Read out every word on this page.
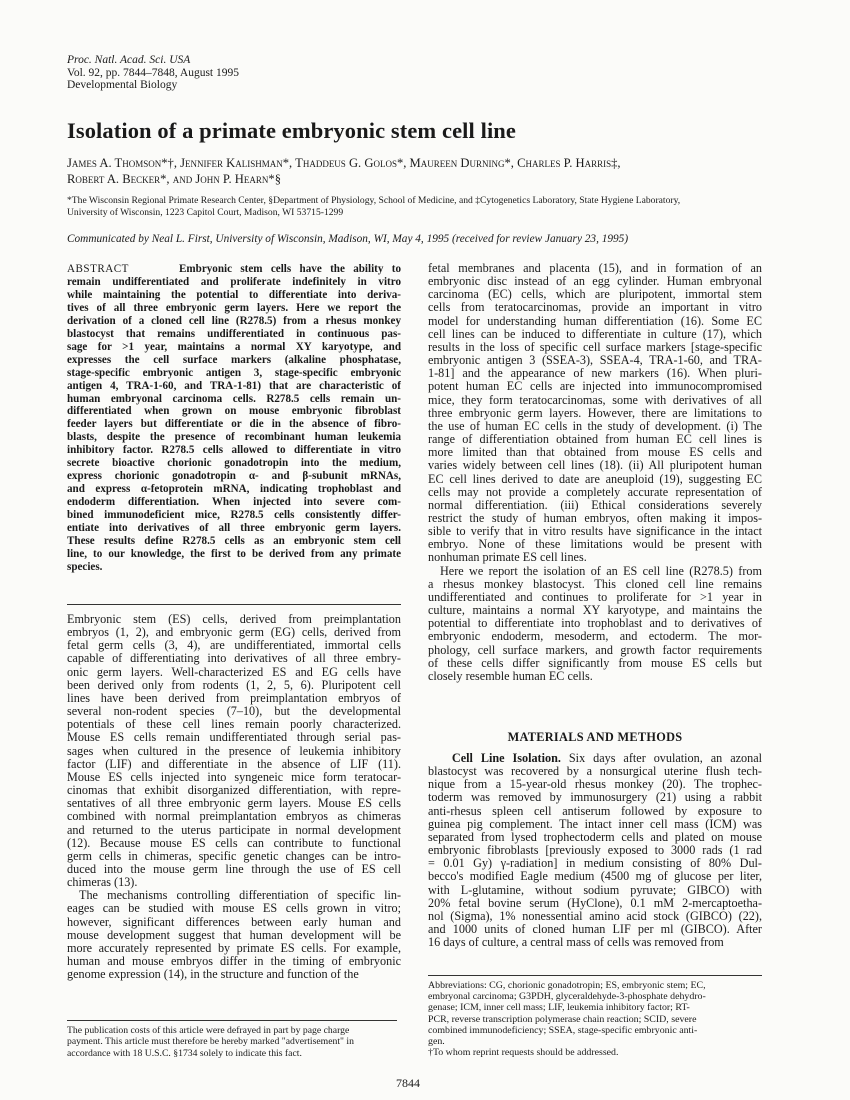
Proc. Natl. Acad. Sci. USA
Vol. 92, pp. 7844–7848, August 1995
Developmental Biology
Isolation of a primate embryonic stem cell line
James A. Thomson*†, Jennifer Kalishman*, Thaddeus G. Golos*, Maureen Durning*, Charles P. Harris‡,
Robert A. Becker*, and John P. Hearn*§
*The Wisconsin Regional Primate Research Center, §Department of Physiology, School of Medicine, and ‡Cytogenetics Laboratory, State Hygiene Laboratory,
University of Wisconsin, 1223 Capitol Court, Madison, WI 53715-1299
Communicated by Neal L. First, University of Wisconsin, Madison, WI, May 4, 1995 (received for review January 23, 1995)
ABSTRACT	Embryonic stem cells have the ability to
remain undifferentiated and proliferate indefinitely in vitro
while maintaining the potential to differentiate into deriva-
tives of all three embryonic germ layers. Here we report the
derivation of a cloned cell line (R278.5) from a rhesus monkey
blastocyst that remains undifferentiated in continuous pas-
sage for >1 year, maintains a normal XY karyotype, and
expresses the cell surface markers (alkaline phosphatase,
stage-specific embryonic antigen 3, stage-specific embryonic
antigen 4, TRA-1-60, and TRA-1-81) that are characteristic of
human embryonal carcinoma cells. R278.5 cells remain un-
differentiated when grown on mouse embryonic fibroblast
feeder layers but differentiate or die in the absence of fibro-
blasts, despite the presence of recombinant human leukemia
inhibitory factor. R278.5 cells allowed to differentiate in vitro
secrete bioactive chorionic gonadotropin into the medium,
express chorionic gonadotropin α- and β-subunit mRNAs,
and express α-fetoprotein mRNA, indicating trophoblast and
endoderm differentiation. When injected into severe com-
bined immunodeficient mice, R278.5 cells consistently differ-
entiate into derivatives of all three embryonic germ layers.
These results define R278.5 cells as an embryonic stem cell
line, to our knowledge, the first to be derived from any primate
species.
Embryonic stem (ES) cells, derived from preimplantation
embryos (1, 2), and embryonic germ (EG) cells, derived from
fetal germ cells (3, 4), are undifferentiated, immortal cells
capable of differentiating into derivatives of all three embry-
onic germ layers. Well-characterized ES and EG cells have
been derived only from rodents (1, 2, 5, 6). Pluripotent cell
lines have been derived from preimplantation embryos of
several non-rodent species (7–10), but the developmental
potentials of these cell lines remain poorly characterized.
Mouse ES cells remain undifferentiated through serial pas-
sages when cultured in the presence of leukemia inhibitory
factor (LIF) and differentiate in the absence of LIF (11).
Mouse ES cells injected into syngeneic mice form teratocar-
cinomas that exhibit disorganized differentiation, with repre-
sentatives of all three embryonic germ layers. Mouse ES cells
combined with normal preimplantation embryos as chimeras
and returned to the uterus participate in normal development
(12). Because mouse ES cells can contribute to functional
germ cells in chimeras, specific genetic changes can be intro-
duced into the mouse germ line through the use of ES cell
chimeras (13).
The mechanisms controlling differentiation of specific lin-
eages can be studied with mouse ES cells grown in vitro;
however, significant differences between early human and
mouse development suggest that human development will be
more accurately represented by primate ES cells. For example,
human and mouse embryos differ in the timing of embryonic
genome expression (14), in the structure and function of the
fetal membranes and placenta (15), and in formation of an
embryonic disc instead of an egg cylinder. Human embryonal
carcinoma (EC) cells, which are pluripotent, immortal stem
cells from teratocarcinomas, provide an important in vitro
model for understanding human differentiation (16). Some EC
cell lines can be induced to differentiate in culture (17), which
results in the loss of specific cell surface markers [stage-specific
embryonic antigen 3 (SSEA-3), SSEA-4, TRA-1-60, and TRA-
1-81] and the appearance of new markers (16). When pluri-
potent human EC cells are injected into immunocompromised
mice, they form teratocarcinomas, some with derivatives of all
three embryonic germ layers. However, there are limitations to
the use of human EC cells in the study of development. (i) The
range of differentiation obtained from human EC cell lines is
more limited than that obtained from mouse ES cells and
varies widely between cell lines (18). (ii) All pluripotent human
EC cell lines derived to date are aneuploid (19), suggesting EC
cells may not provide a completely accurate representation of
normal differentiation. (iii) Ethical considerations severely
restrict the study of human embryos, often making it impos-
sible to verify that in vitro results have significance in the intact
embryo. None of these limitations would be present with
nonhuman primate ES cell lines.
Here we report the isolation of an ES cell line (R278.5) from
a rhesus monkey blastocyst. This cloned cell line remains
undifferentiated and continues to proliferate for >1 year in
culture, maintains a normal XY karyotype, and maintains the
potential to differentiate into trophoblast and to derivatives of
embryonic endoderm, mesoderm, and ectoderm. The mor-
phology, cell surface markers, and growth factor requirements
of these cells differ significantly from mouse ES cells but
closely resemble human EC cells.
MATERIALS AND METHODS
Cell Line Isolation. Six days after ovulation, an azonal
blastocyst was recovered by a nonsurgical uterine flush tech-
nique from a 15-year-old rhesus monkey (20). The trophec-
toderm was removed by immunosurgery (21) using a rabbit
anti-rhesus spleen cell antiserum followed by exposure to
guinea pig complement. The intact inner cell mass (ICM) was
separated from lysed trophectoderm cells and plated on mouse
embryonic fibroblasts [previously exposed to 3000 rads (1 rad
= 0.01 Gy) γ-radiation] in medium consisting of 80% Dul-
becco's modified Eagle medium (4500 mg of glucose per liter,
with L-glutamine, without sodium pyruvate; GIBCO) with
20% fetal bovine serum (HyClone), 0.1 mM 2-mercaptoetha-
nol (Sigma), 1% nonessential amino acid stock (GIBCO) (22),
and 1000 units of cloned human LIF per ml (GIBCO). After
16 days of culture, a central mass of cells was removed from
The publication costs of this article were defrayed in part by page charge
payment. This article must therefore be hereby marked "advertisement" in
accordance with 18 U.S.C. §1734 solely to indicate this fact.
Abbreviations: CG, chorionic gonadotropin; ES, embryonic stem; EC,
embryonal carcinoma; G3PDH, glyceraldehyde-3-phosphate dehydro-
genase; ICM, inner cell mass; LIF, leukemia inhibitory factor; RT-
PCR, reverse transcription polymerase chain reaction; SCID, severe
combined immunodeficiency; SSEA, stage-specific embryonic anti-
gen.
†To whom reprint requests should be addressed.
7844
